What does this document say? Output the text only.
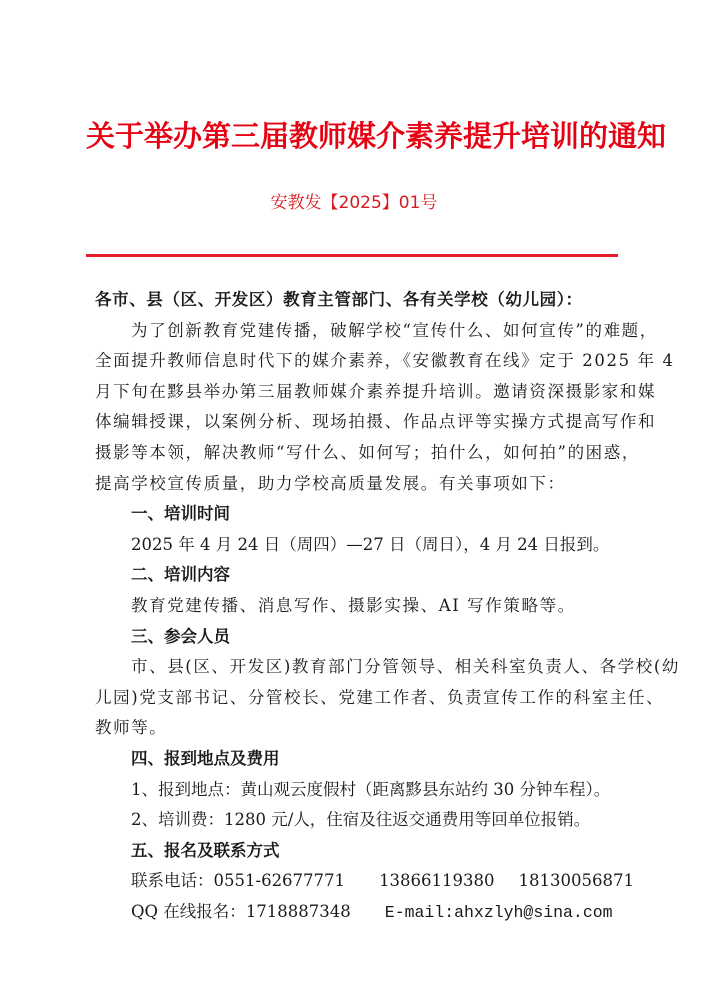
关于举办第三届教师媒介素养提升培训的通知
安教发【2025】01号
各市、县（区、开发区）教育主管部门、各有关学校（幼儿园）：
为了创新教育党建传播，破解学校“宣传什么、如何宣传”的难题，
全面提升教师信息时代下的媒介素养，《安徽教育在线》定于 2025 年 4
月下旬在黟县举办第三届教师媒介素养提升培训。邀请资深摄影家和媒
体编辑授课，以案例分析、现场拍摄、作品点评等实操方式提高写作和
摄影等本领，解决教师“写什么、如何写；拍什么，如何拍”的困惑，
提高学校宣传质量，助力学校高质量发展。有关事项如下：
一、培训时间
2025 年 4 月 24 日（周四）—27 日（周日），4 月 24 日报到。
二、培训内容
教育党建传播、消息写作、摄影实操、AI 写作策略等。
三、参会人员
市、县(区、开发区)教育部门分管领导、相关科室负责人、各学校(幼
儿园)党支部书记、分管校长、党建工作者、负责宣传工作的科室主任、
教师等。
四、报到地点及费用
1、报到地点：黄山观云度假村（距离黟县东站约 30 分钟车程）。
2、培训费：1280 元/人，住宿及往返交通费用等回单位报销。
五、报名及联系方式
联系电话：0551-62677771 13866119380 18130056871
QQ 在线报名：1718887348 E-mail:ahxzlyh@sina.com
